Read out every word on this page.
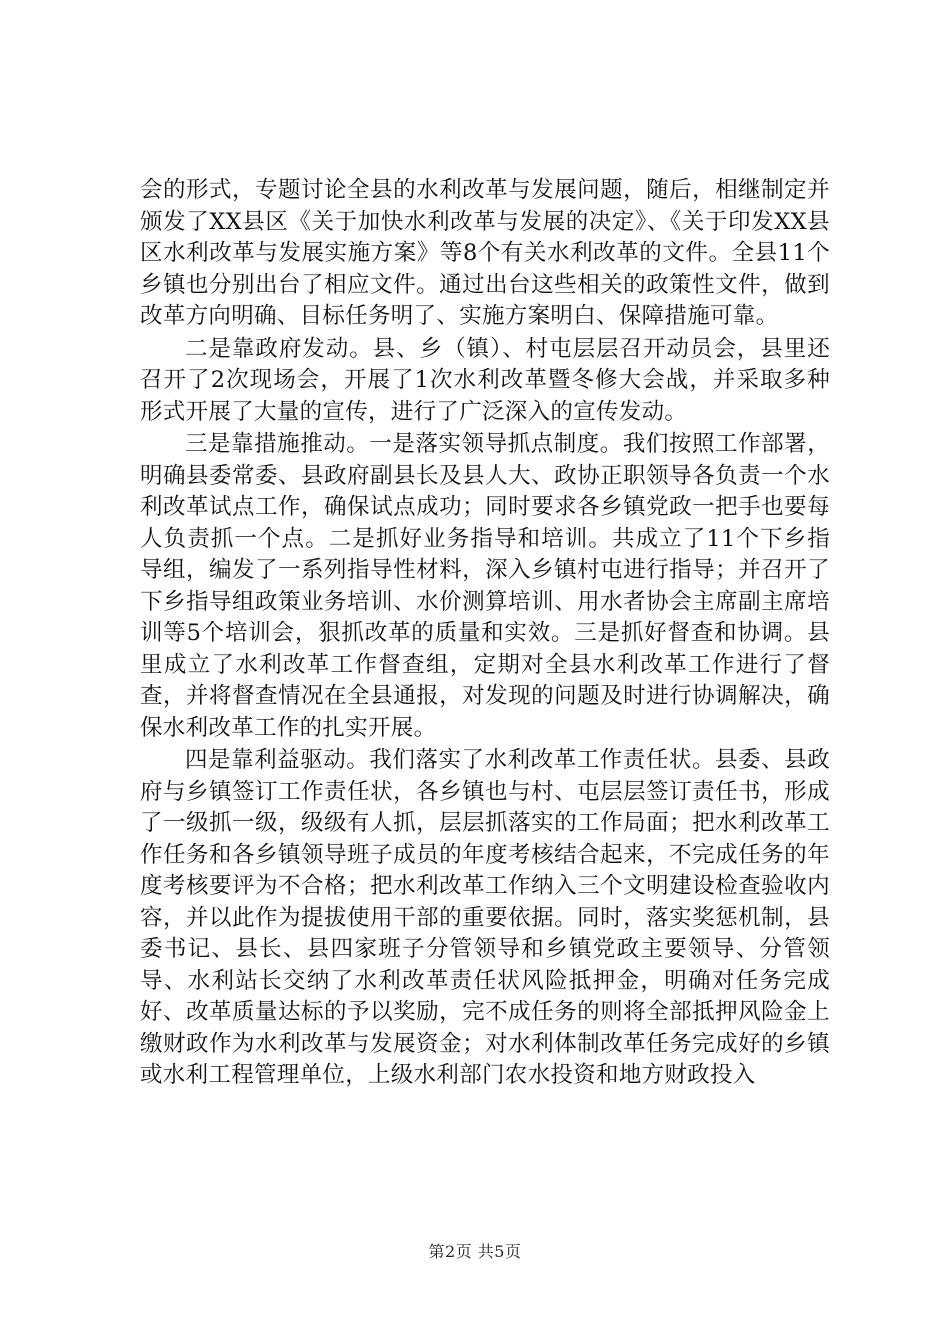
会的形式，专题讨论全县的水利改革与发展问题，随后，相继制定并颁发了XX县区《关于加快水利改革与发展的决定》、《关于印发XX县区水利改革与发展实施方案》等8个有关水利改革的文件。全县11个乡镇也分别出台了相应文件。通过出台这些相关的政策性文件，做到改革方向明确、目标任务明了、实施方案明白、保障措施可靠。

二是靠政府发动。县、乡（镇）、村屯层层召开动员会，县里还召开了2次现场会，开展了1次水利改革暨冬修大会战，并采取多种形式开展了大量的宣传，进行了广泛深入的宣传发动。

三是靠措施推动。一是落实领导抓点制度。我们按照工作部署，明确县委常委、县政府副县长及县人大、政协正职领导各负责一个水利改革试点工作，确保试点成功；同时要求各乡镇党政一把手也要每人负责抓一个点。二是抓好业务指导和培训。共成立了11个下乡指导组，编发了一系列指导性材料，深入乡镇村屯进行指导；并召开了下乡指导组政策业务培训、水价测算培训、用水者协会主席副主席培训等5个培训会，狠抓改革的质量和实效。三是抓好督查和协调。县里成立了水利改革工作督查组，定期对全县水利改革工作进行了督查，并将督查情况在全县通报，对发现的问题及时进行协调解决，确保水利改革工作的扎实开展。

四是靠利益驱动。我们落实了水利改革工作责任状。县委、县政府与乡镇签订工作责任状，各乡镇也与村、屯层层签订责任书，形成了一级抓一级，级级有人抓，层层抓落实的工作局面；把水利改革工作任务和各乡镇领导班子成员的年度考核结合起来，不完成任务的年度考核要评为不合格；把水利改革工作纳入三个文明建设检查验收内容，并以此作为提拔使用干部的重要依据。同时，落实奖惩机制，县委书记、县长、县四家班子分管领导和乡镇党政主要领导、分管领导、水利站长交纳了水利改革责任状风险抵押金，明确对任务完成好、改革质量达标的予以奖励，完不成任务的则将全部抵押风险金上缴财政作为水利改革与发展资金；对水利体制改革任务完成好的乡镇或水利工程管理单位，上级水利部门农水投资和地方财政投入

第2页 共5页
